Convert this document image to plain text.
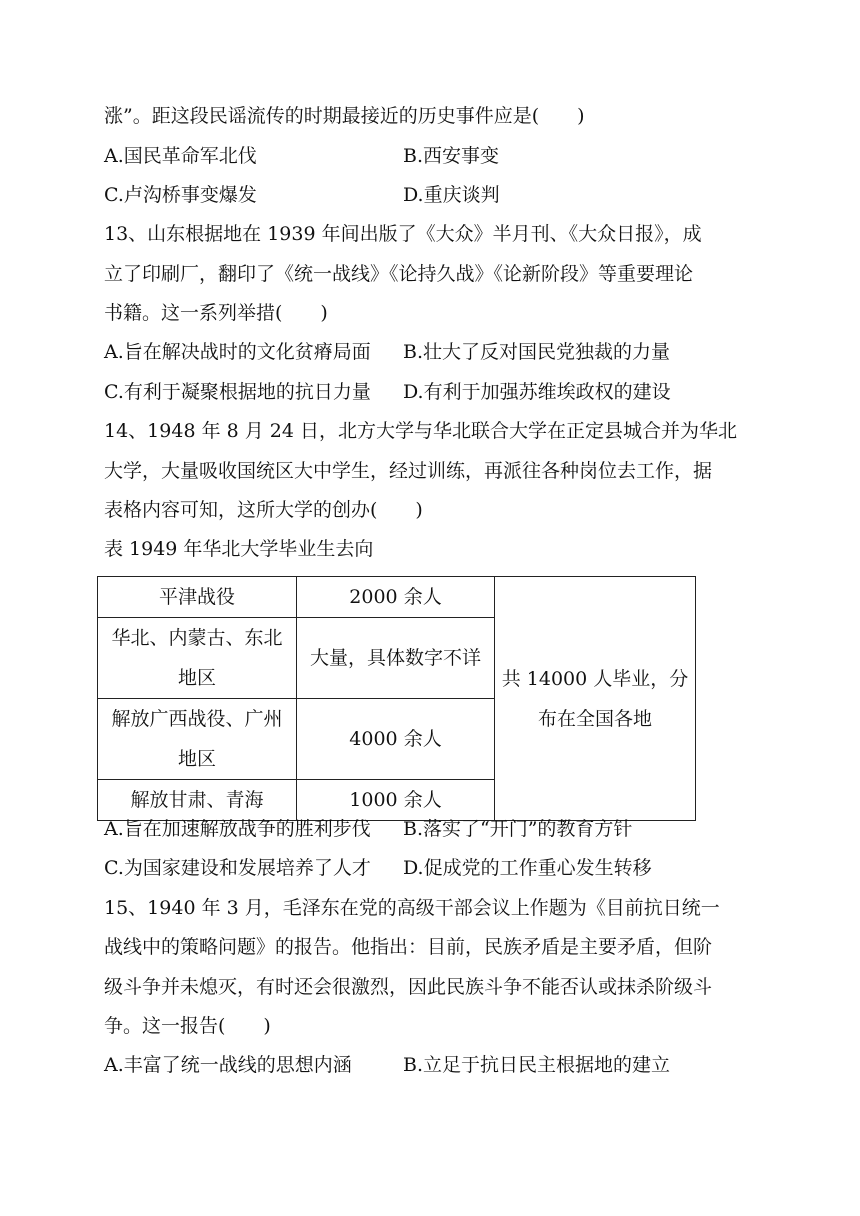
涨”。距这段民谣流传的时期最接近的历史事件应是(　　)
A.国民革命军北伐	B.西安事变
C.卢沟桥事变爆发	D.重庆谈判
13、山东根据地在 1939 年间出版了《大众》半月刊、《大众日报》，成
立了印刷厂，翻印了《统一战线》《论持久战》《论新阶段》等重要理论
书籍。这一系列举措(　　)
A.旨在解决战时的文化贫瘠局面 B.壮大了反对国民党独裁的力量
C.有利于凝聚根据地的抗日力量 D.有利于加强苏维埃政权的建设
14、1948 年 8 月 24 日，北方大学与华北联合大学在正定县城合并为华北
大学，大量吸收国统区大中学生，经过训练，再派往各种岗位去工作，据
表格内容可知，这所大学的创办(　　)
表 1949 年华北大学毕业生去向
平津战役	2000 余人	共 14000 人毕业，分
布在全国各地

华北、内蒙古、东北
地区	大量，具体数字不详	

解放广西战役、广州
地区	4000 余人	
解放甘肃、青海	1000 余人	
A.旨在加速解放战争的胜利步伐 B.落实了“开门”的教育方针
C.为国家建设和发展培养了人才 D.促成党的工作重心发生转移
15、1940 年 3 月，毛泽东在党的高级干部会议上作题为《目前抗日统一
战线中的策略问题》的报告。他指出：目前，民族矛盾是主要矛盾，但阶
级斗争并未熄灭，有时还会很激烈，因此民族斗争不能否认或抹杀阶级斗
争。这一报告(　　)
A.丰富了统一战线的思想内涵	B.立足于抗日民主根据地的建立
